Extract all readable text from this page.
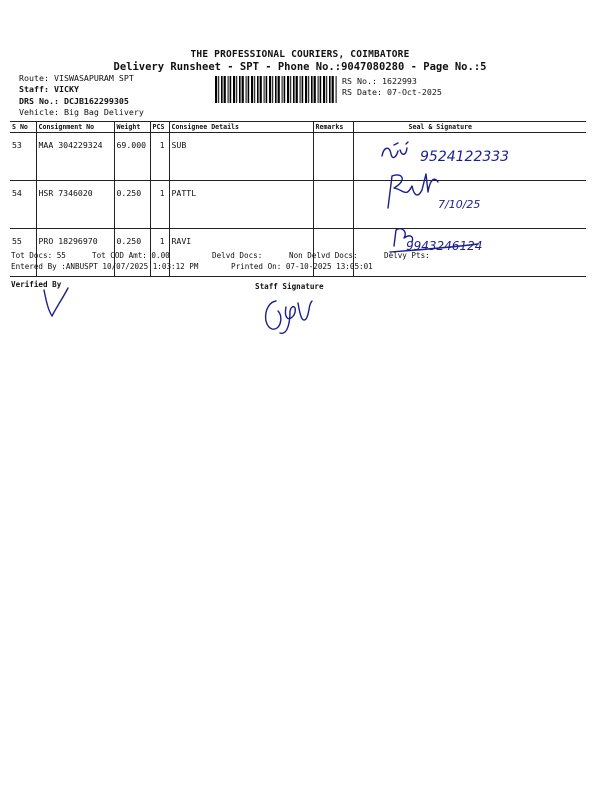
THE PROFESSIONAL COURIERS, COIMBATORE
Delivery Runsheet - SPT - Phone No.:9047080280 - Page No.:5
Route: VISWASAPURAM SPT
Staff: VICKY
DRS No.: DCJB162299305
Vehicle: Big Bag Delivery
RS No.: 1622993
RS Date: 07-Oct-2025
S No	Consignment No	Weight	PCS	Consignee Details	Remarks	Seal & Signature
53	MAA 304229324	69.000	1	SUB		
54	HSR 7346020	0.250	1	PATTL		
55	PRO 18296970	0.250	1	RAVI		
9524122333
7/10/25
9943246124
Tot Docs: 55	Tot COD Amt: 0.00	Delvd Docs:	Non Delvd Docs:	Delvy Pts:
Entered By :ANBUSPT 10/07/2025 1:03:12 PM	Printed On: 07-10-2025 13:05:01
Verified By	Staff Signature
